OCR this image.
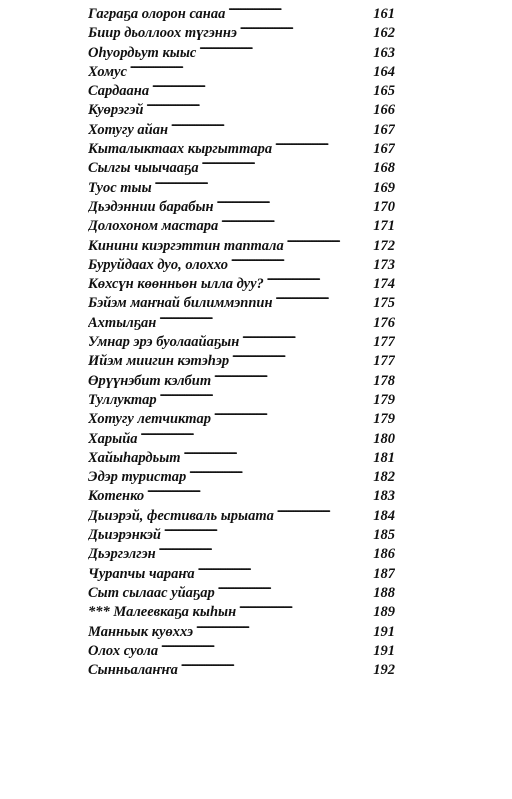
Гаграҕа олорон санаа . . .	161
Биир дьоллоох түгэннэ . . .	162
Оһуордьут кыыс . . .	163
Хомус . . .	164
Сардаана . . .	165
Куөрэгэй . . .	166
Хотугу айан . . .	167
Кыталыктаах кыргыттара . . .	167
Сылгы чыычааҕа . . .	168
Туос тыы . . .	169
Дьэдэннии барабын . . .	170
Долохоном мастара . . .	171
Кинини киэргэттин таптала . . .	172
Буруйдаах дуо, олоххо . . .	173
Көхсүн көөнньөн ылла дуу? . . .	174
Бэйэм маҥнай билиммэппин . . .	175
Ахтылҕан . . .	176
Умнар эрэ буолаайаҕын . . .	177
Ийэм миигин кэтэһэр . . .	177
Өрүүнэбит кэлбит . . .	178
Туллуктар . . .	179
Хотугу летчиктар . . .	179
Харыйа . . .	180
Хайыһардьыт . . .	181
Эдэр туристар . . .	182
Котенко . . .	183
Дьиэрэй, фестиваль ырыата . . .	184
Дьиэрэнкэй . . .	185
Дьэргэлгэн . . .	186
Чурапчы чараҥа . . .	187
Сыт сылаас уйаҕар . . .	188
*** Малеевкаҕа кыһын . . .	189
Манньык куөххэ . . .	191
Олох суола . . .	191
Сынньалаҥҥа . . .	192
